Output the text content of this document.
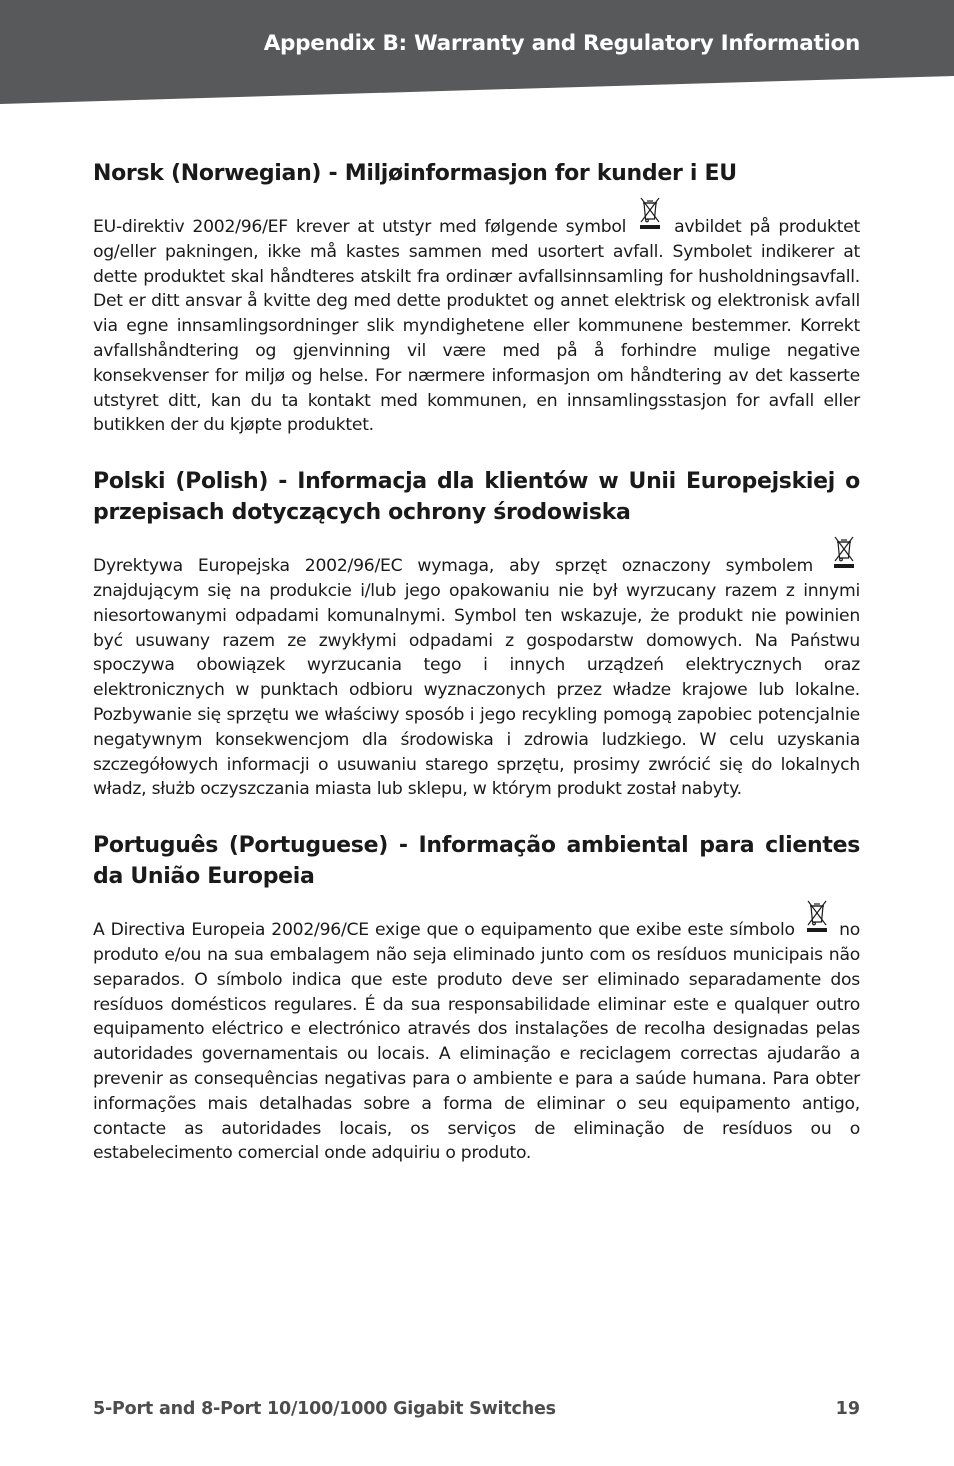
Appendix B: Warranty and Regulatory Information
Norsk (Norwegian) - Miljøinformasjon for kunder i EU

EU-direktiv 2002/96/EF krever at utstyr med følgende symbol	avbildet på produktet og/eller pakningen, ikke må kastes sammen med usortert avfall. Symbolet indikerer at dette produktet skal håndteres atskilt fra ordinær avfallsinnsamling for husholdningsavfall. Det er ditt ansvar å kvitte deg med dette produktet og annet elektrisk og elektronisk avfall via egne innsamlingsordninger slik myndighetene eller kommunene bestemmer. Korrekt avfallshåndtering og gjenvinning vil være med på å forhindre mulige negative konsekvenser for miljø og helse. For nærmere informasjon om håndtering av det kasserte utstyret ditt, kan du ta kontakt med kommunen, en innsamlingsstasjon for avfall eller butikken der du kjøpte produktet.

Polski (Polish) - Informacja dla klientów w Unii Europejskiej o przepisach dotyczących ochrony środowiska

Dyrektywa Europejska 2002/96/EC wymaga, aby sprzęt oznaczony symbolem  znajdującym się na produkcie i/lub jego opakowaniu nie był wyrzucany razem z innymi niesortowanymi odpadami komunalnymi. Symbol ten wskazuje, że produkt nie powinien być usuwany razem ze zwykłymi odpadami z gospodarstw domowych. Na Państwu spoczywa obowiązek wyrzucania tego i innych urządzeń elektrycznych oraz elektronicznych w punktach odbioru wyznaczonych przez władze krajowe lub lokalne. Pozbywanie się sprzętu we właściwy sposób i jego recykling pomogą zapobiec potencjalnie negatywnym konsekwencjom dla środowiska i zdrowia ludzkiego. W celu uzyskania szczegółowych informacji o usuwaniu starego sprzętu, prosimy zwrócić się do lokalnych władz, służb oczyszczania miasta lub sklepu, w którym produkt został nabyty.

Português (Portuguese) - Informação ambiental para clientes da União Europeia

A Directiva Europeia 2002/96/CE exige que o equipamento que exibe este símbolo	no produto e/ou na sua embalagem não seja eliminado junto com os resíduos municipais não separados. O símbolo indica que este produto deve ser eliminado separadamente dos resíduos domésticos regulares. É da sua responsabilidade eliminar este e qualquer outro equipamento eléctrico e electrónico através dos instalações de recolha designadas pelas autoridades governamentais ou locais. A eliminação e reciclagem correctas ajudarão a prevenir as consequências negativas para o ambiente e para a saúde humana. Para obter informações mais detalhadas sobre a forma de eliminar o seu equipamento antigo, contacte as autoridades locais, os serviços de eliminação de resíduos ou o estabelecimento comercial onde adquiriu o produto.

5-Port and 8-Port 10/100/1000 Gigabit Switches	19
